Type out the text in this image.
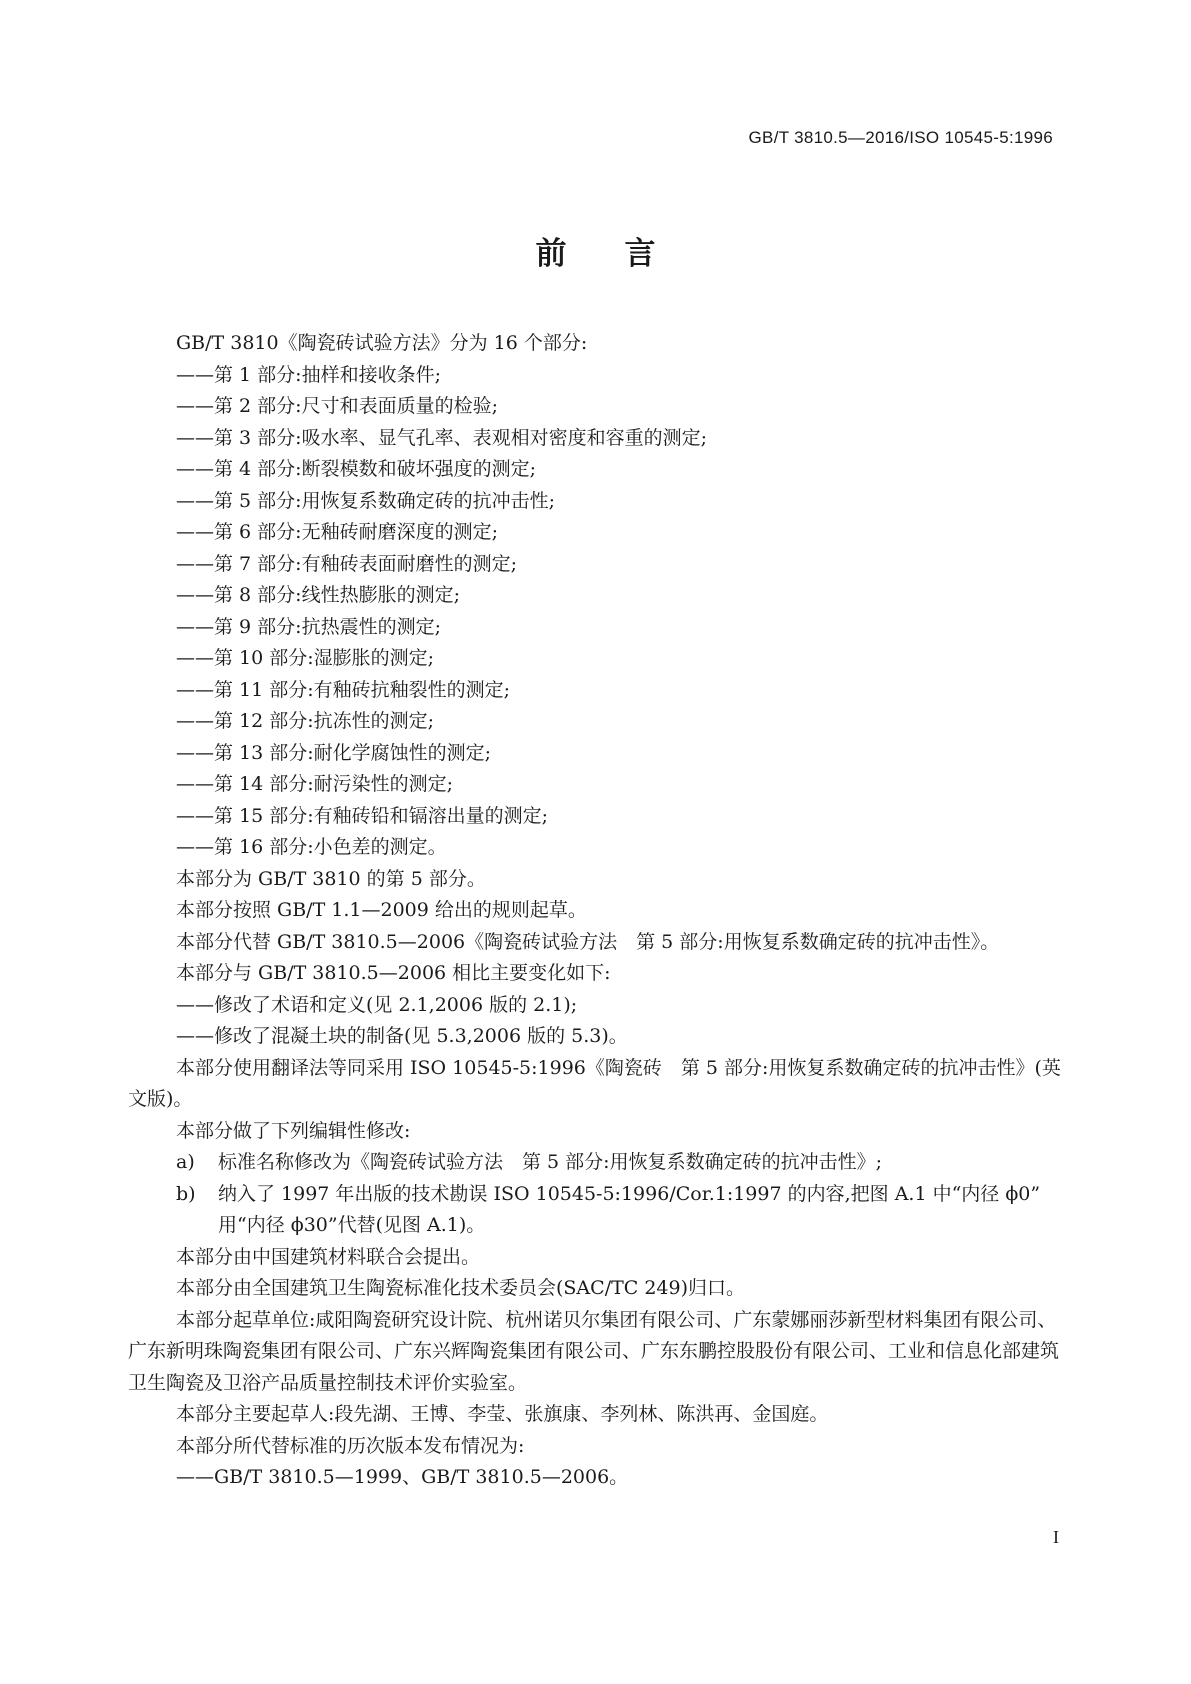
GB/T 3810.5—2016/ISO 10545-5:1996
前言
GB/T 3810《陶瓷砖试验方法》分为 16 个部分:
——第 1 部分:抽样和接收条件;
——第 2 部分:尺寸和表面质量的检验;
——第 3 部分:吸水率、显气孔率、表观相对密度和容重的测定;
——第 4 部分:断裂模数和破坏强度的测定;
——第 5 部分:用恢复系数确定砖的抗冲击性;
——第 6 部分:无釉砖耐磨深度的测定;
——第 7 部分:有釉砖表面耐磨性的测定;
——第 8 部分:线性热膨胀的测定;
——第 9 部分:抗热震性的测定;
——第 10 部分:湿膨胀的测定;
——第 11 部分:有釉砖抗釉裂性的测定;
——第 12 部分:抗冻性的测定;
——第 13 部分:耐化学腐蚀性的测定;
——第 14 部分:耐污染性的测定;
——第 15 部分:有釉砖铅和镉溶出量的测定;
——第 16 部分:小色差的测定。
本部分为 GB/T 3810 的第 5 部分。
本部分按照 GB/T 1.1—2009 给出的规则起草。
本部分代替 GB/T 3810.5—2006《陶瓷砖试验方法　第 5 部分:用恢复系数确定砖的抗冲击性》。
本部分与 GB/T 3810.5—2006 相比主要变化如下:
——修改了术语和定义(见 2.1,2006 版的 2.1);
——修改了混凝土块的制备(见 5.3,2006 版的 5.3)。
本部分使用翻译法等同采用 ISO 10545-5:1996《陶瓷砖　第 5 部分:用恢复系数确定砖的抗冲击性》(英文版)。
本部分做了下列编辑性修改:
a)	标准名称修改为《陶瓷砖试验方法　第 5 部分:用恢复系数确定砖的抗冲击性》;
b)	纳入了 1997 年出版的技术勘误 ISO 10545-5:1996/Cor.1:1997 的内容,把图 A.1 中“内径 ϕ0”
用“内径 ϕ30”代替(见图 A.1)。
本部分由中国建筑材料联合会提出。
本部分由全国建筑卫生陶瓷标准化技术委员会(SAC/TC 249)归口。
本部分起草单位:咸阳陶瓷研究设计院、杭州诺贝尔集团有限公司、广东蒙娜丽莎新型材料集团有限公司、广东新明珠陶瓷集团有限公司、广东兴辉陶瓷集团有限公司、广东东鹏控股股份有限公司、工业和信息化部建筑卫生陶瓷及卫浴产品质量控制技术评价实验室。
本部分主要起草人:段先湖、王博、李莹、张旗康、李列林、陈洪再、金国庭。
本部分所代替标准的历次版本发布情况为:
——GB/T 3810.5—1999、GB/T 3810.5—2006。
I
